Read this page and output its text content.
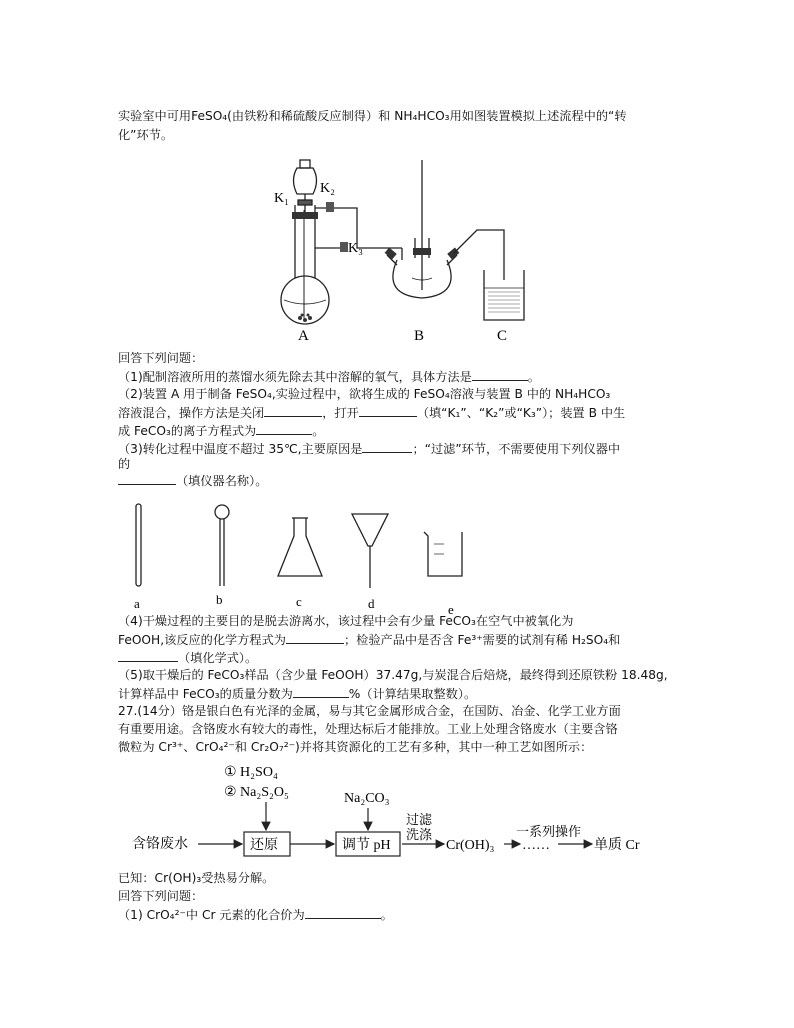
实验室中可用FeSO₄(由铁粉和稀硫酸反应制得）和 NH₄HCO₃用如图装置模拟上述流程中的“转
化”环节。
A	B	C
K₁
K₂
K₃
回答下列问题：
（1)配制溶液所用的蒸馏水须先除去其中溶解的氧气，具体方法是	。
（2)装置 A 用于制备 FeSO₄,实验过程中，欲将生成的 FeSO₄溶液与装置 B 中的 NH₄HCO₃
溶液混合，操作方法是关闭	，打开	（填“K₁”、“K₂”或“K₃”）；装置 B 中生
成 FeCO₃的离子方程式为	。
（3)转化过程中温度不超过 35℃,主要原因是	；“过滤”环节，不需要使用下列仪器中
的
（填仪器名称）。
a	b	c	d	e
（4)干燥过程的主要目的是脱去游离水，该过程中会有少量 FeCO₃在空气中被氧化为
FeOOH,该反应的化学方程式为	；检验产品中是否含 Fe³⁺需要的试剂有稀 H₂SO₄和
（填化学式）。
（5)取干燥后的 FeCO₃样品（含少量 FeOOH）37.47g,与炭混合后焙烧，最终得到还原铁粉 18.48g,
计算样品中 FeCO₃的质量分数为	%（计算结果取整数）。
27.(14分）铬是银白色有光泽的金属，易与其它金属形成合金，在国防、冶金、化学工业方面
有重要用途。含铬废水有较大的毒性，处理达标后才能排放。工业上处理含铬废水（主要含铬
微粒为 Cr³⁺、CrO₄²⁻和 Cr₂O₇²⁻)并将其资源化的工艺有多种，其中一种工艺如图所示：
① H₂SO₄
② Na₂S₂O₅	Na₂CO₃
含铬废水	还原	调节 pH
过滤
洗涤
Cr(OH)₃ ……
一系列操作
单质 Cr
已知：Cr(OH)₃受热易分解。
回答下列问题：
（1) CrO₄²⁻中 Cr 元素的化合价为	。
